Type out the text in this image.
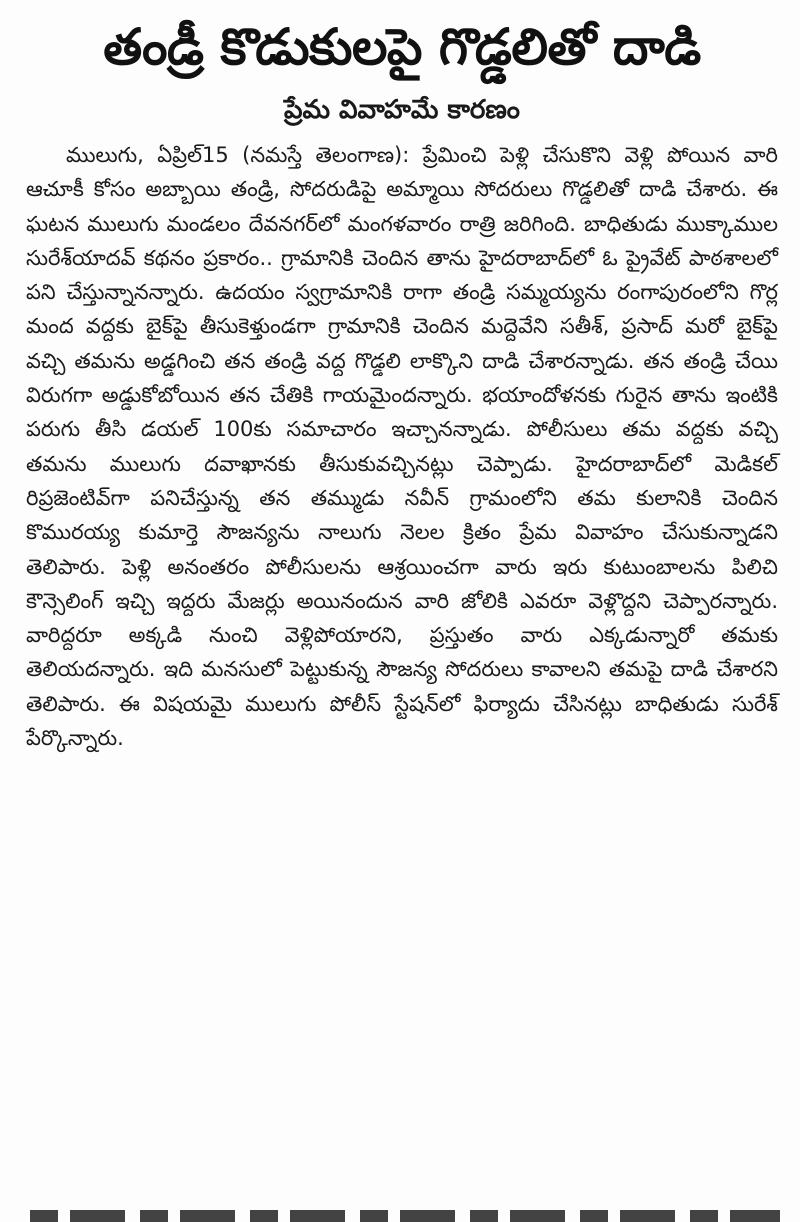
తండ్రీ కొడుకులపై గొడ్డలితో దాడి
ప్రేమ వివాహమే కారణం

ములుగు, ఏప్రిల్15 (నమస్తే తెలంగాణ): ప్రేమించి పెళ్లి చేసుకొని వెళ్లి పోయిన వారి ఆచూకీ కోసం అబ్బాయి తండ్రి, సోదరుడిపై అమ్మాయి సోదరులు గొడ్డలితో దాడి చేశారు. ఈ ఘటన ములుగు మండలం దేవనగర్‌లో మంగళవారం రాత్రి జరిగింది. బాధితుడు ముక్కాముల సురేశ్‌యాదవ్ కథనం ప్రకారం.. గ్రామానికి చెందిన తాను హైదరాబాద్‌లో ఓ ప్రైవేట్ పాఠశాలలో పని చేస్తున్నానన్నారు. ఉదయం స్వగ్రామానికి రాగా తండ్రి సమ్మయ్యను రంగాపురంలోని గొర్ల మంద వద్దకు బైక్‌పై తీసుకెళ్తుండగా గ్రామానికి చెందిన మద్దెవేని సతీశ్, ప్రసాద్ మరో బైక్‌పై వచ్చి తమను అడ్డగించి తన తండ్రి వద్ద గొడ్డలి లాక్కొని దాడి చేశారన్నాడు. తన తండ్రి చేయి విరుగగా అడ్డుకోబోయిన తన చేతికి గాయమైందన్నారు. భయాందోళనకు గురైన తాను ఇంటికి పరుగు తీసి డయల్ 100కు సమాచారం ఇచ్చానన్నాడు. పోలీసులు తమ వద్దకు వచ్చి తమను ములుగు దవాఖానకు తీసుకువచ్చినట్లు చెప్పాడు. హైదరాబాద్‌లో మెడికల్ రిప్రజెంటివ్‌గా పనిచేస్తున్న తన తమ్ముడు నవీన్ గ్రామంలోని తమ కులానికి చెందిన కొమురయ్య కుమార్తె సౌజన్యను నాలుగు నెలల క్రితం ప్రేమ వివాహం చేసుకున్నాడని తెలిపారు. పెళ్లి అనంతరం పోలీసులను ఆశ్రయించగా వారు ఇరు కుటుంబాలను పిలిచి కౌన్సెలింగ్ ఇచ్చి ఇద్దరు మేజర్లు అయినందున వారి జోలికి ఎవరూ వెళ్లొద్దని చెప్పారన్నారు. వారిద్దరూ అక్కడి నుంచి వెళ్లిపోయారని, ప్రస్తుతం వారు ఎక్కడున్నారో తమకు తెలియదన్నారు. ఇది మనసులో పెట్టుకున్న సౌజన్య సోదరులు కావాలని తమపై దాడి చేశారని తెలిపారు. ఈ విషయమై ములుగు పోలీస్ స్టేషన్‌లో ఫిర్యాదు చేసినట్లు బాధితుడు సురేశ్ పేర్కొన్నారు.
